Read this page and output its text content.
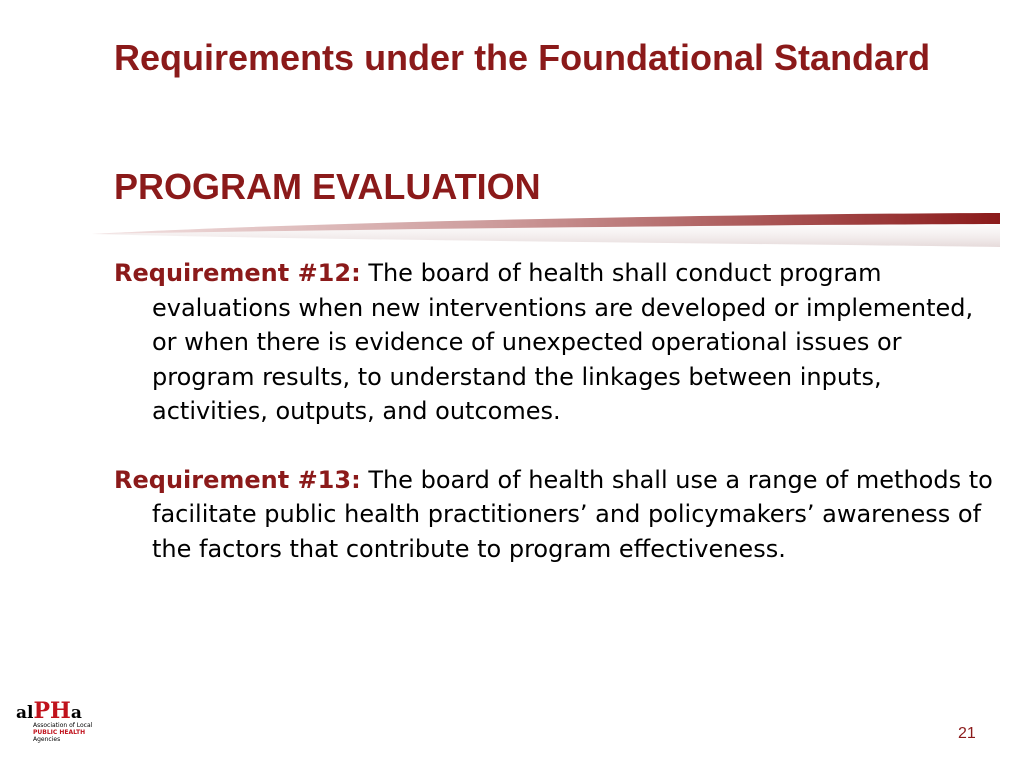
Requirements under the Foundational Standard
PROGRAM EVALUATION

Requirement #12: The board of health shall conduct program evaluations when new interventions are developed or implemented, or when there is evidence of unexpected operational issues or program results, to understand the linkages between inputs, activities, outputs, and outcomes.

Requirement #13: The board of health shall use a range of methods to facilitate public health practitioners’ and policymakers’ awareness of the factors that contribute to program effectiveness.

alPHa
Association of Local
PUBLIC HEALTH
Agencies	21
